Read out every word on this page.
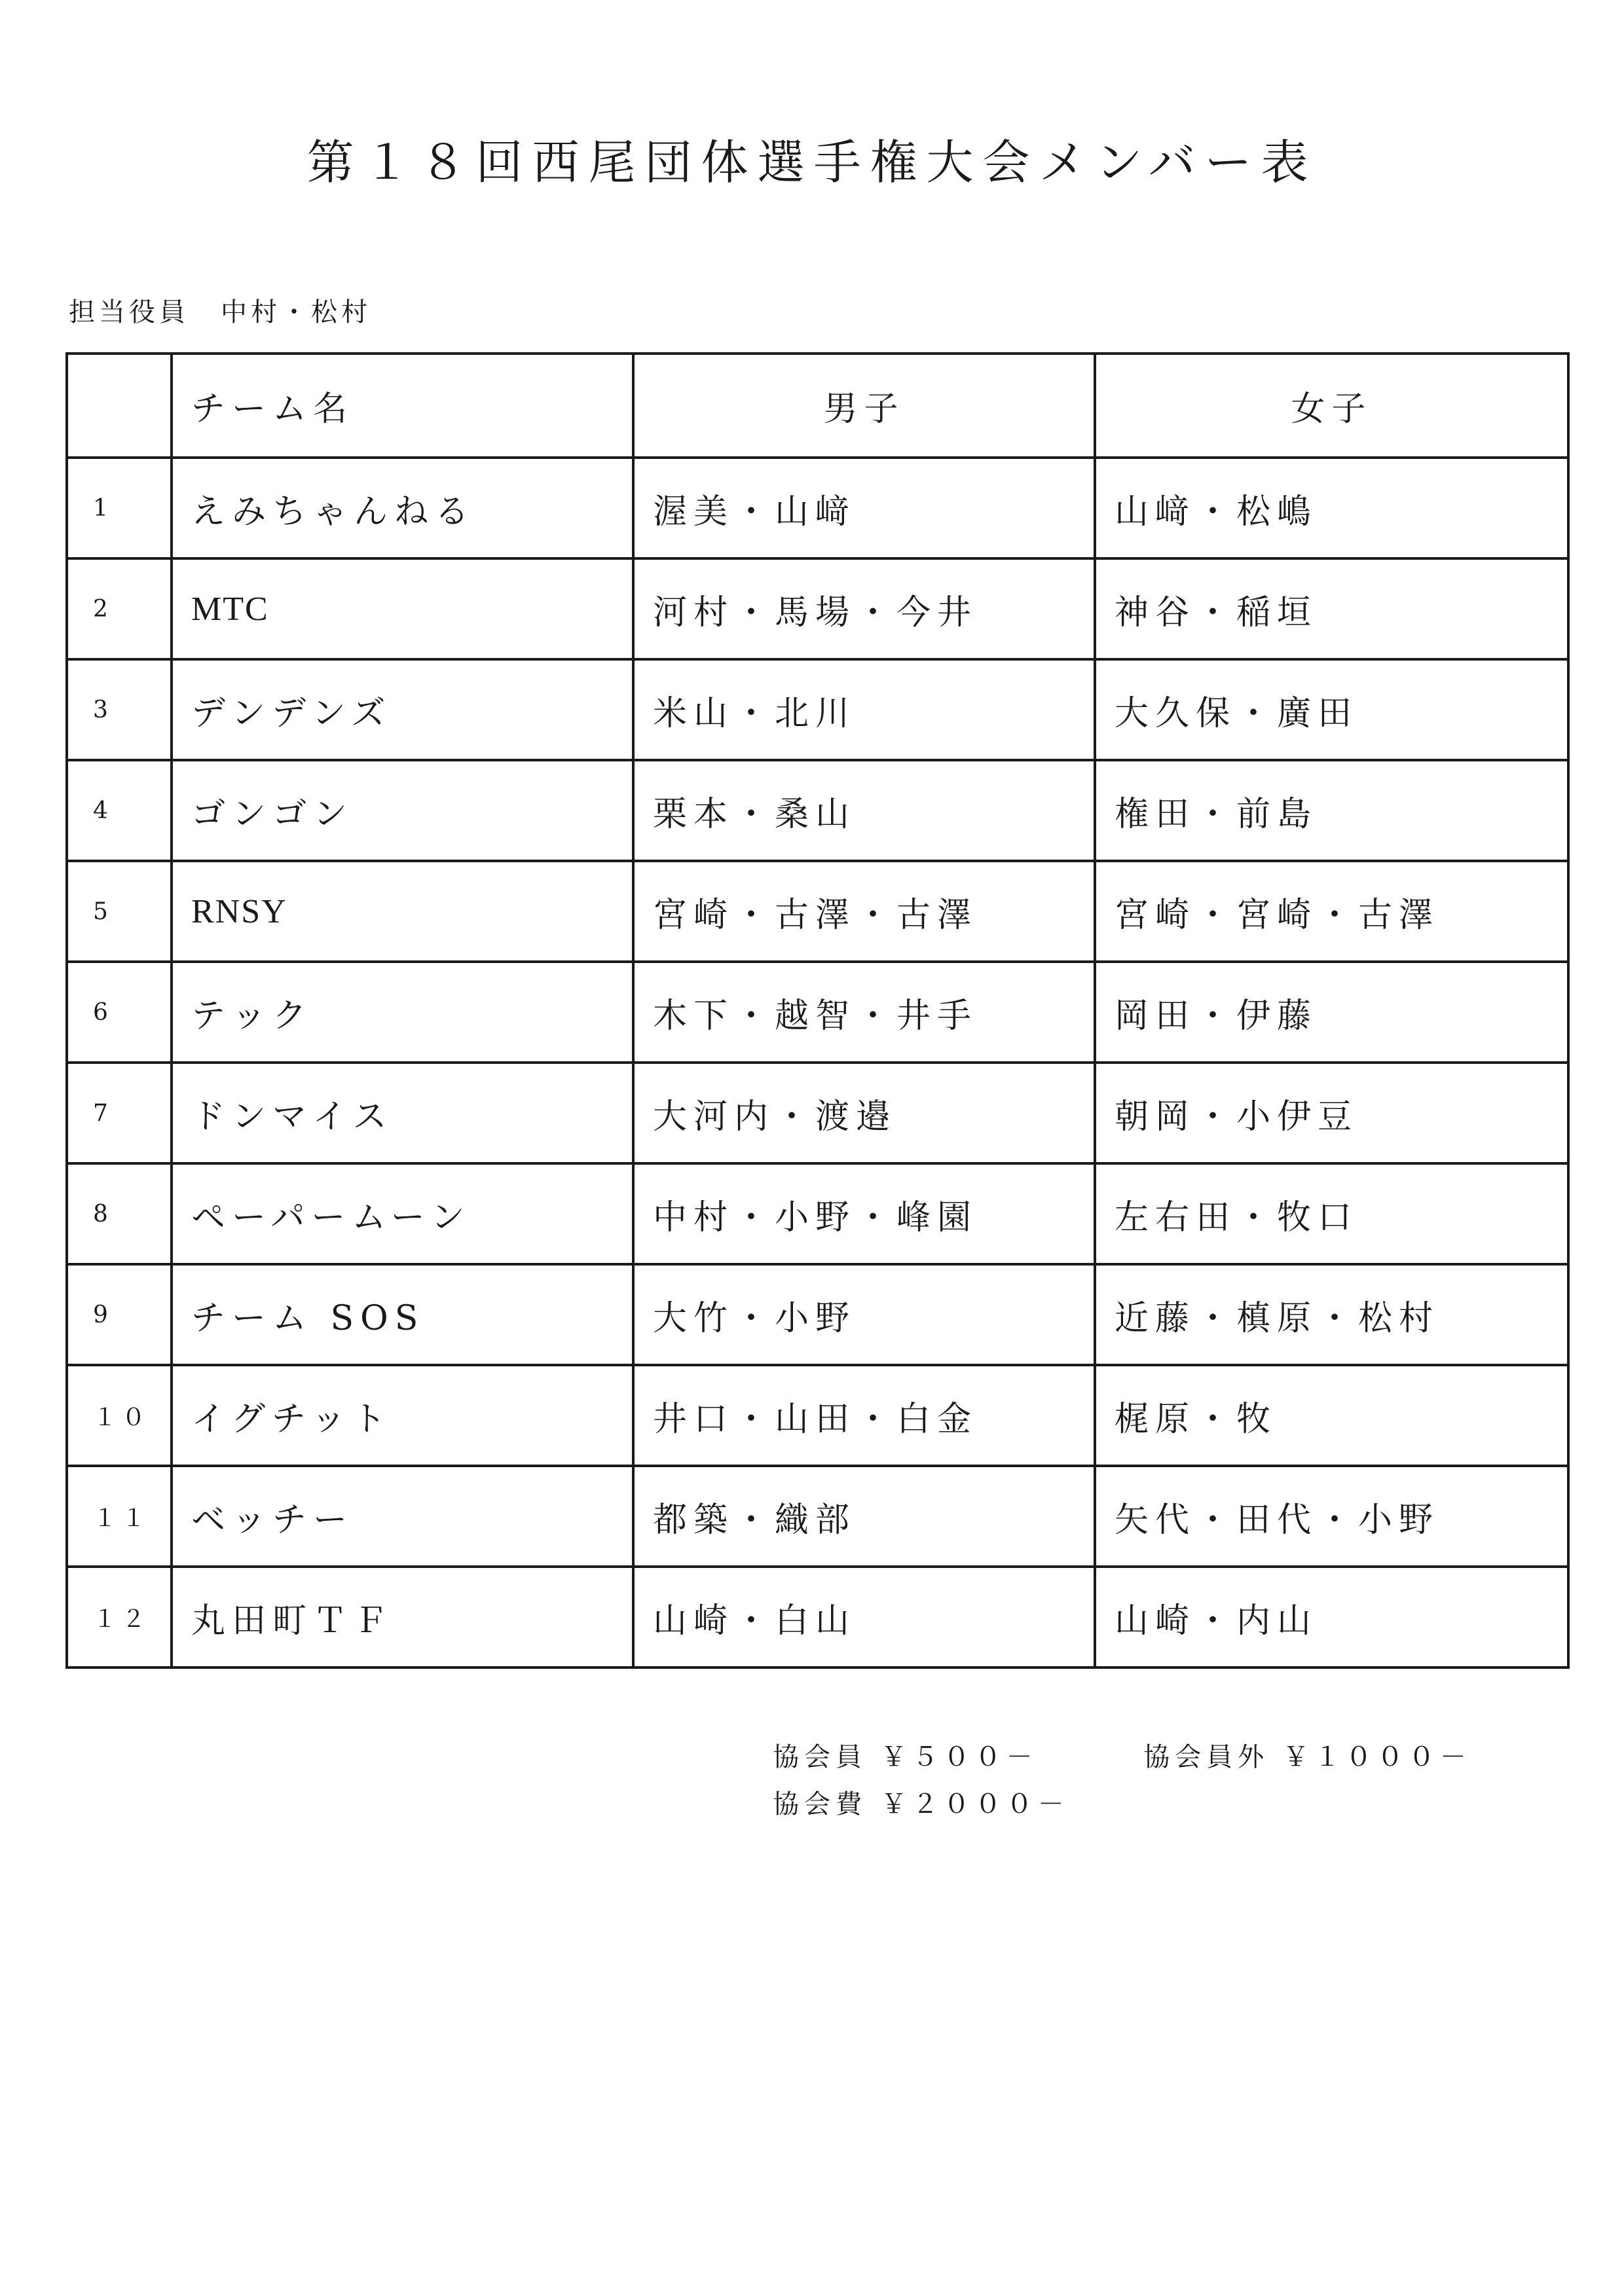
第１８回西尾団体選手権大会メンバー表
担当役員 中村・松村
	チーム名	男子	女子
1	えみちゃんねる	渥美・山﨑	山﨑・松嶋
2	MTC	河村・馬場・今井	神谷・稲垣
3	デンデンズ	米山・北川	大久保・廣田
4	ゴンゴン	栗本・桑山	権田・前島
5	RNSY	宮崎・古澤・古澤	宮崎・宮崎・古澤
6	テック	木下・越智・井手	岡田・伊藤
7	ドンマイス	大河内・渡邉	朝岡・小伊豆
8	ペーパームーン	中村・小野・峰園	左右田・牧口
9	チーム SOS	大竹・小野	近藤・槙原・松村
１０	イグチット	井口・山田・白金	梶原・牧
１１	ベッチー	都築・織部	矢代・田代・小野
１２	丸田町ＴＦ	山崎・白山	山崎・内山
協会員 ￥５００－	協会員外 ￥１０００－
協会費 ￥２０００－
